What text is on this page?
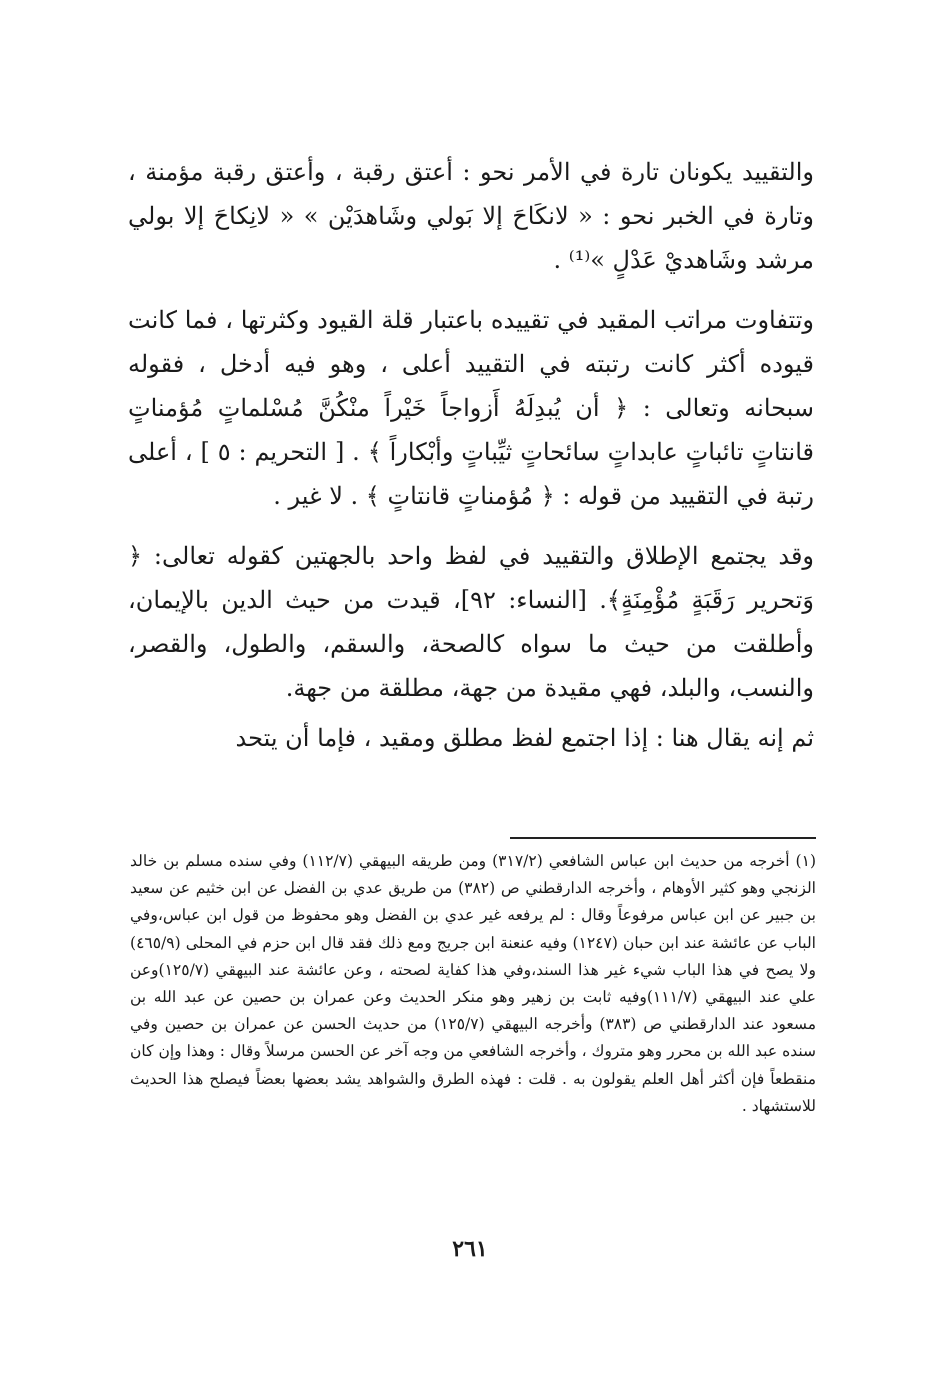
والتقييد يكونان تارة في الأمر نحو : أعتق رقبة ، وأعتق رقبة مؤمنة ، وتارة في الخبر نحو : « لانكَاحَ إلا بَولي وشَاهدَيْن » « لانِكاحَ إلا بولي مرشد وشَاهديْ عَدْلٍ »⁽¹⁾ .

وتتفاوت مراتب المقيد في تقييده باعتبار قلة القيود وكثرتها ، فما كانت قيوده أكثر كانت رتبته في التقييد أعلى ، وهو فيه أدخل ، فقوله سبحانه وتعالى : ﴿ أن يُبدِلَهُ أَزواجاً خَيْراً منْكُنَّ مُسْلماتٍ مُؤمناتٍ قانتاتٍ تائباتٍ عابداتٍ سائحاتٍ ثيِّباتٍ وأبْكاراً ﴾ . [ التحريم : ٥ ] ، أعلى رتبة في التقييد من قوله : ﴿ مُؤمناتٍ قانتاتٍ ﴾ . لا غير .

وقد يجتمع الإطلاق والتقييد في لفظ واحد بالجهتين كقوله تعالى: ﴿ وَتحرير رَقَبَةٍ مُؤْمِنَةٍ﴾. [النساء: ٩٢]، قيدت من حيث الدين بالإيمان، وأطلقت من حيث ما سواه كالصحة، والسقم، والطول، والقصر، والنسب، والبلد، فهي مقيدة من جهة، مطلقة من جهة.

ثم إنه يقال هنا : إذا اجتمع لفظ مطلق ومقيد ، فإما أن يتحد

(١) أخرجه من حديث ابن عباس الشافعي (٣١٧/٢) ومن طريقه البيهقي (١١٢/٧) وفي سنده مسلم بن خالد الزنجي وهو كثير الأوهام ، وأخرجه الدارقطني ص (٣٨٢) من طريق عدي بن الفضل عن ابن خثيم عن سعيد بن جبير عن ابن عباس مرفوعاً وقال : لم يرفعه غير عدي بن الفضل وهو محفوظ من قول ابن عباس،وفي الباب عن عائشة عند ابن حبان (١٢٤٧) وفيه عنعنة ابن جريج ومع ذلك فقد قال ابن حزم في المحلى (٤٦٥/٩) ولا يصح في هذا الباب شيء غير هذا السند،وفي هذا كفاية لصحته ، وعن عائشة عند البيهقي (١٢٥/٧)وعن علي عند البيهقي (١١١/٧)وفيه ثابت بن زهير وهو منكر الحديث وعن عمران بن حصين عن عبد الله بن مسعود عند الدارقطني ص (٣٨٣) وأخرجه البيهقي (١٢٥/٧) من حديث الحسن عن عمران بن حصين وفي سنده عبد الله بن محرر وهو متروك ، وأخرجه الشافعي من وجه آخر عن الحسن مرسلاً وقال : وهذا وإن كان منقطعاً فإن أكثر أهل العلم يقولون به . قلت : فهذه الطرق والشواهد يشد بعضها بعضاً فيصلح هذا الحديث للاستشهاد .

٢٦١
